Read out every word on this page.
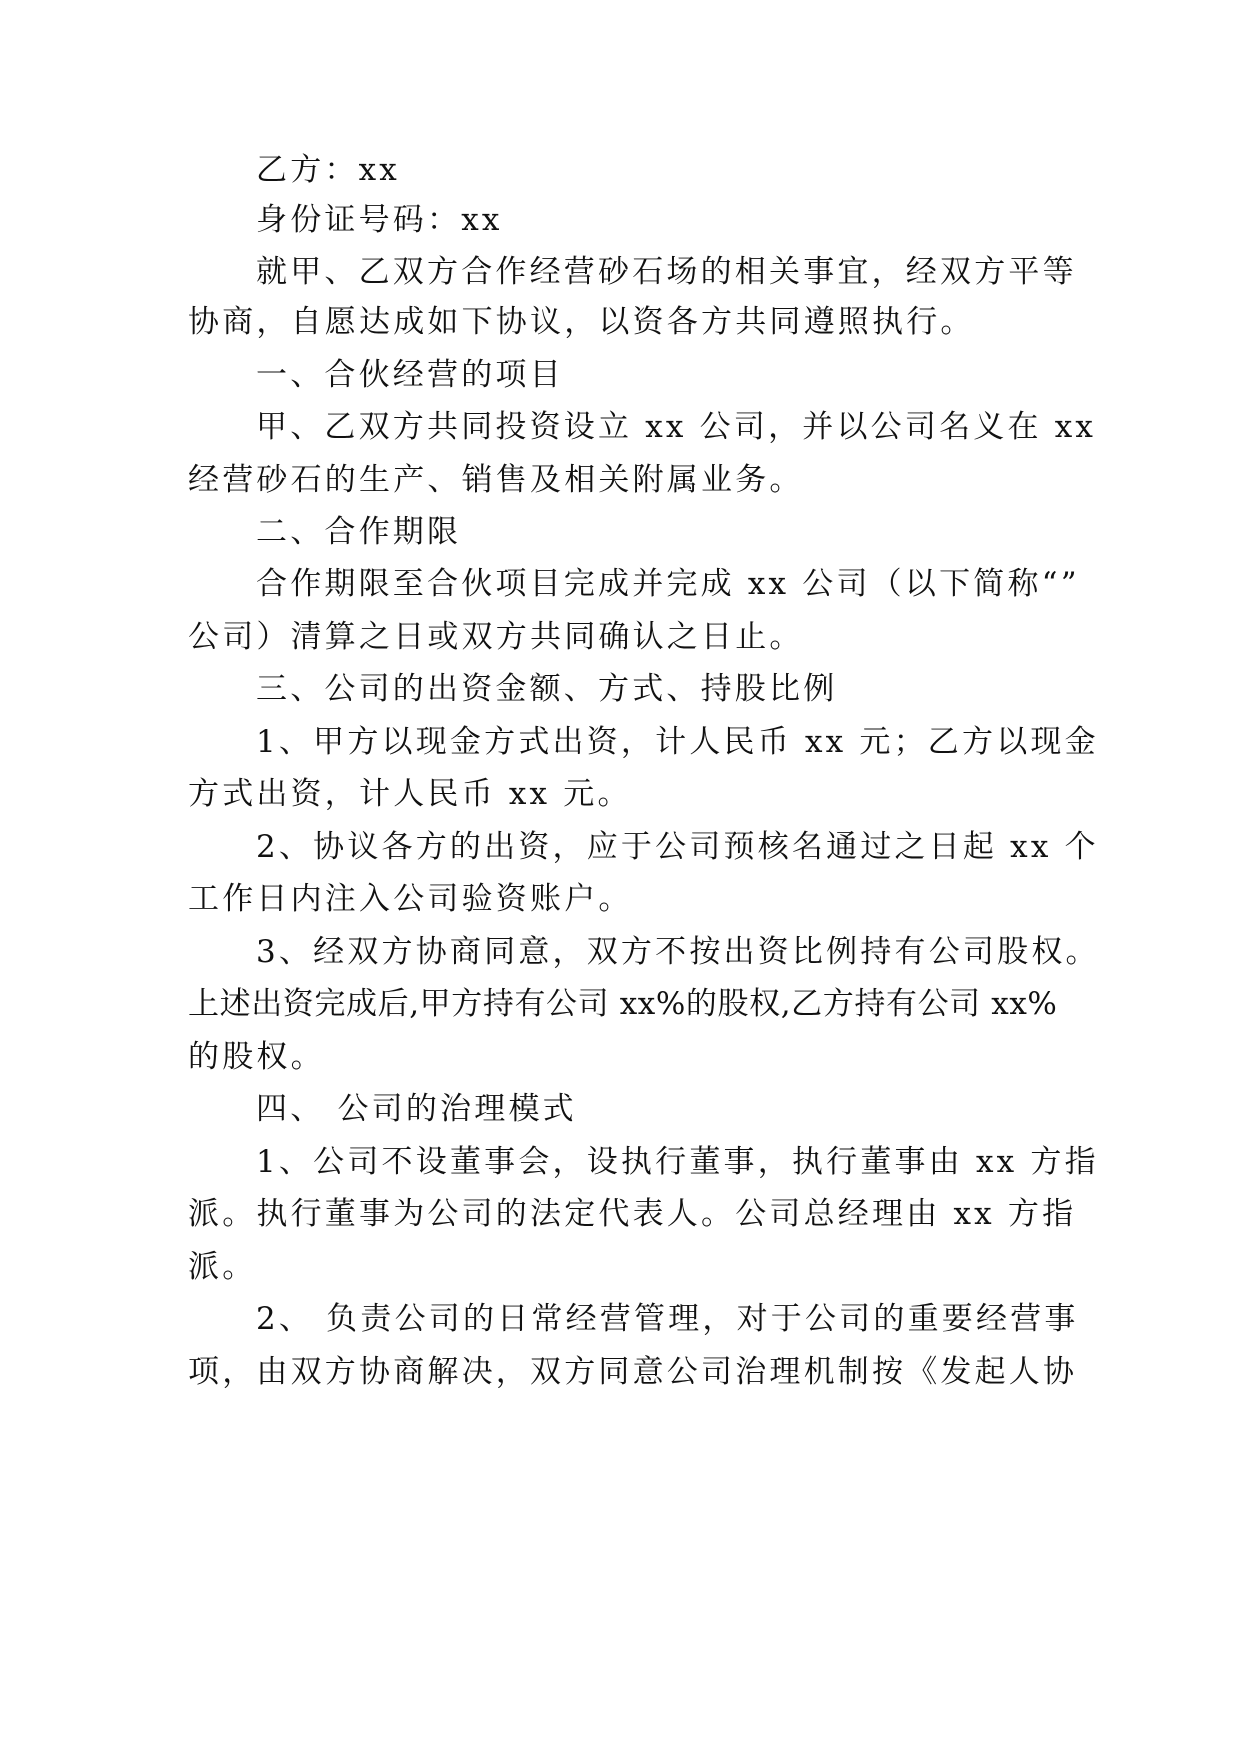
乙方：xx
身份证号码：xx
就甲、乙双方合作经营砂石场的相关事宜，经双方平等
协商，自愿达成如下协议，以资各方共同遵照执行。
一、合伙经营的项目
甲、乙双方共同投资设立 xx 公司，并以公司名义在 xx
经营砂石的生产、销售及相关附属业务。
二、合作期限
合作期限至合伙项目完成并完成 xx 公司（以下简称“”
公司）清算之日或双方共同确认之日止。
三、公司的出资金额、方式、持股比例
1、甲方以现金方式出资，计人民币 xx 元；乙方以现金
方式出资，计人民币 xx 元。
2、协议各方的出资，应于公司预核名通过之日起 xx 个
工作日内注入公司验资账户。
3、经双方协商同意，双方不按出资比例持有公司股权。
上述出资完成后,甲方持有公司 xx%的股权,乙方持有公司 xx%
的股权。
四、 公司的治理模式
1、公司不设董事会，设执行董事，执行董事由 xx 方指
派。执行董事为公司的法定代表人。公司总经理由 xx 方指
派。
2、 负责公司的日常经营管理，对于公司的重要经营事
项，由双方协商解决，双方同意公司治理机制按《发起人协
